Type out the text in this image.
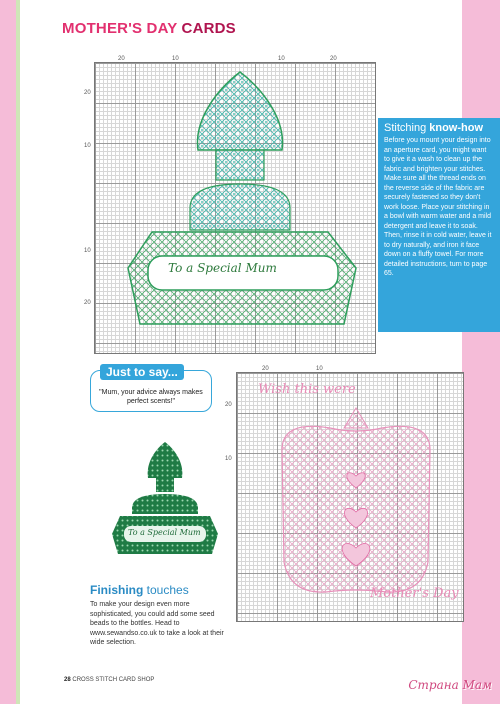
MOTHER'S DAY CARDS
20	10	10	20
20
10
10
20
To a Special Mum
Stitching know-how
Before you mount your design into an aperture card, you might want to give it a wash to clean up the fabric and brighten your stitches. Make sure all the thread ends on the reverse side of the fabric are securely fastened so they don't work loose. Place your stitching in a bowl with warm water and a mild detergent and leave it to soak. Then, rinse it in cold water, leave it to dry naturally, and iron it face down on a fluffy towel. For more detailed instructions, turn to page 65.
"Mum, your advice always makes perfect scents!"
Just to say...
To a Special Mum
20	10
20
10
Wish this were
Mother's Day
Finishing touches
To make your design even more sophisticated, you could add some seed beads to the bottles. Head to www.sewandso.co.uk to take a look at their wide selection.
28 CROSS STITCH CARD SHOP	Страна Мам
